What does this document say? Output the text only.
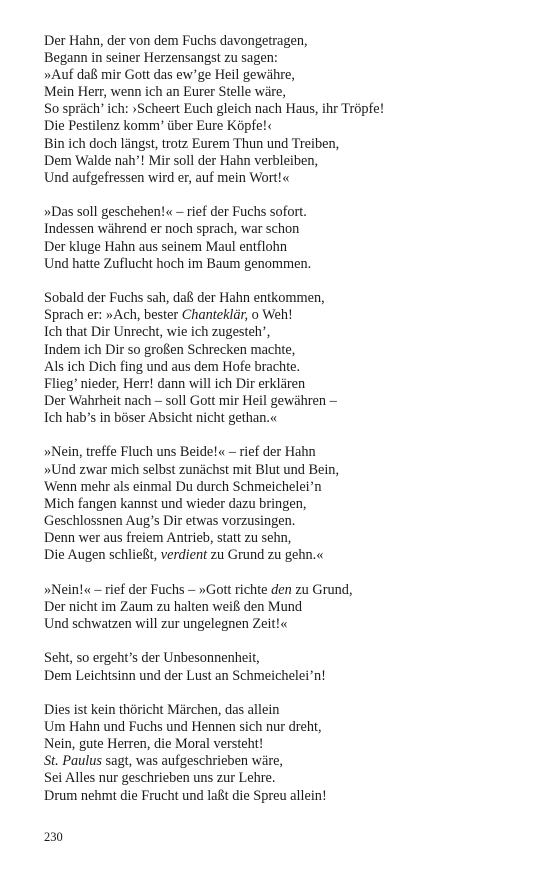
Der Hahn, der von dem Fuchs davongetragen,
Begann in seiner Herzensangst zu sagen:
»Auf daß mir Gott das ew’ge Heil gewähre,
Mein Herr, wenn ich an Eurer Stelle wäre,
So spräch’ ich: ›Scheert Euch gleich nach Haus, ihr Tröpfe!
Die Pestilenz komm’ über Eure Köpfe!‹
Bin ich doch längst, trotz Eurem Thun und Treiben,
Dem Walde nah’! Mir soll der Hahn verbleiben,
Und aufgefressen wird er, auf mein Wort!«
»Das soll geschehen!« – rief der Fuchs sofort.
Indessen während er noch sprach, war schon
Der kluge Hahn aus seinem Maul entflohn
Und hatte Zuflucht hoch im Baum genommen.
Sobald der Fuchs sah, daß der Hahn entkommen,
Sprach er: »Ach, bester Chanteklär, o Weh!
Ich that Dir Unrecht, wie ich zugesteh’,
Indem ich Dir so großen Schrecken machte,
Als ich Dich fing und aus dem Hofe brachte.
Flieg’ nieder, Herr! dann will ich Dir erklären
Der Wahrheit nach – soll Gott mir Heil gewähren –
Ich hab’s in böser Absicht nicht gethan.«
»Nein, treffe Fluch uns Beide!« – rief der Hahn
»Und zwar mich selbst zunächst mit Blut und Bein,
Wenn mehr als einmal Du durch Schmeichelei’n
Mich fangen kannst und wieder dazu bringen,
Geschlossnen Aug’s Dir etwas vorzusingen.
Denn wer aus freiem Antrieb, statt zu sehn,
Die Augen schließt, verdient zu Grund zu gehn.«
»Nein!« – rief der Fuchs – »Gott richte den zu Grund,
Der nicht im Zaum zu halten weiß den Mund
Und schwatzen will zur ungelegnen Zeit!«
Seht, so ergeht’s der Unbesonnenheit,
Dem Leichtsinn und der Lust an Schmeichelei’n!
Dies ist kein thöricht Märchen, das allein
Um Hahn und Fuchs und Hennen sich nur dreht,
Nein, gute Herren, die Moral versteht!
St. Paulus sagt, was aufgeschrieben wäre,
Sei Alles nur geschrieben uns zur Lehre.
Drum nehmt die Frucht und laßt die Spreu allein!
230
